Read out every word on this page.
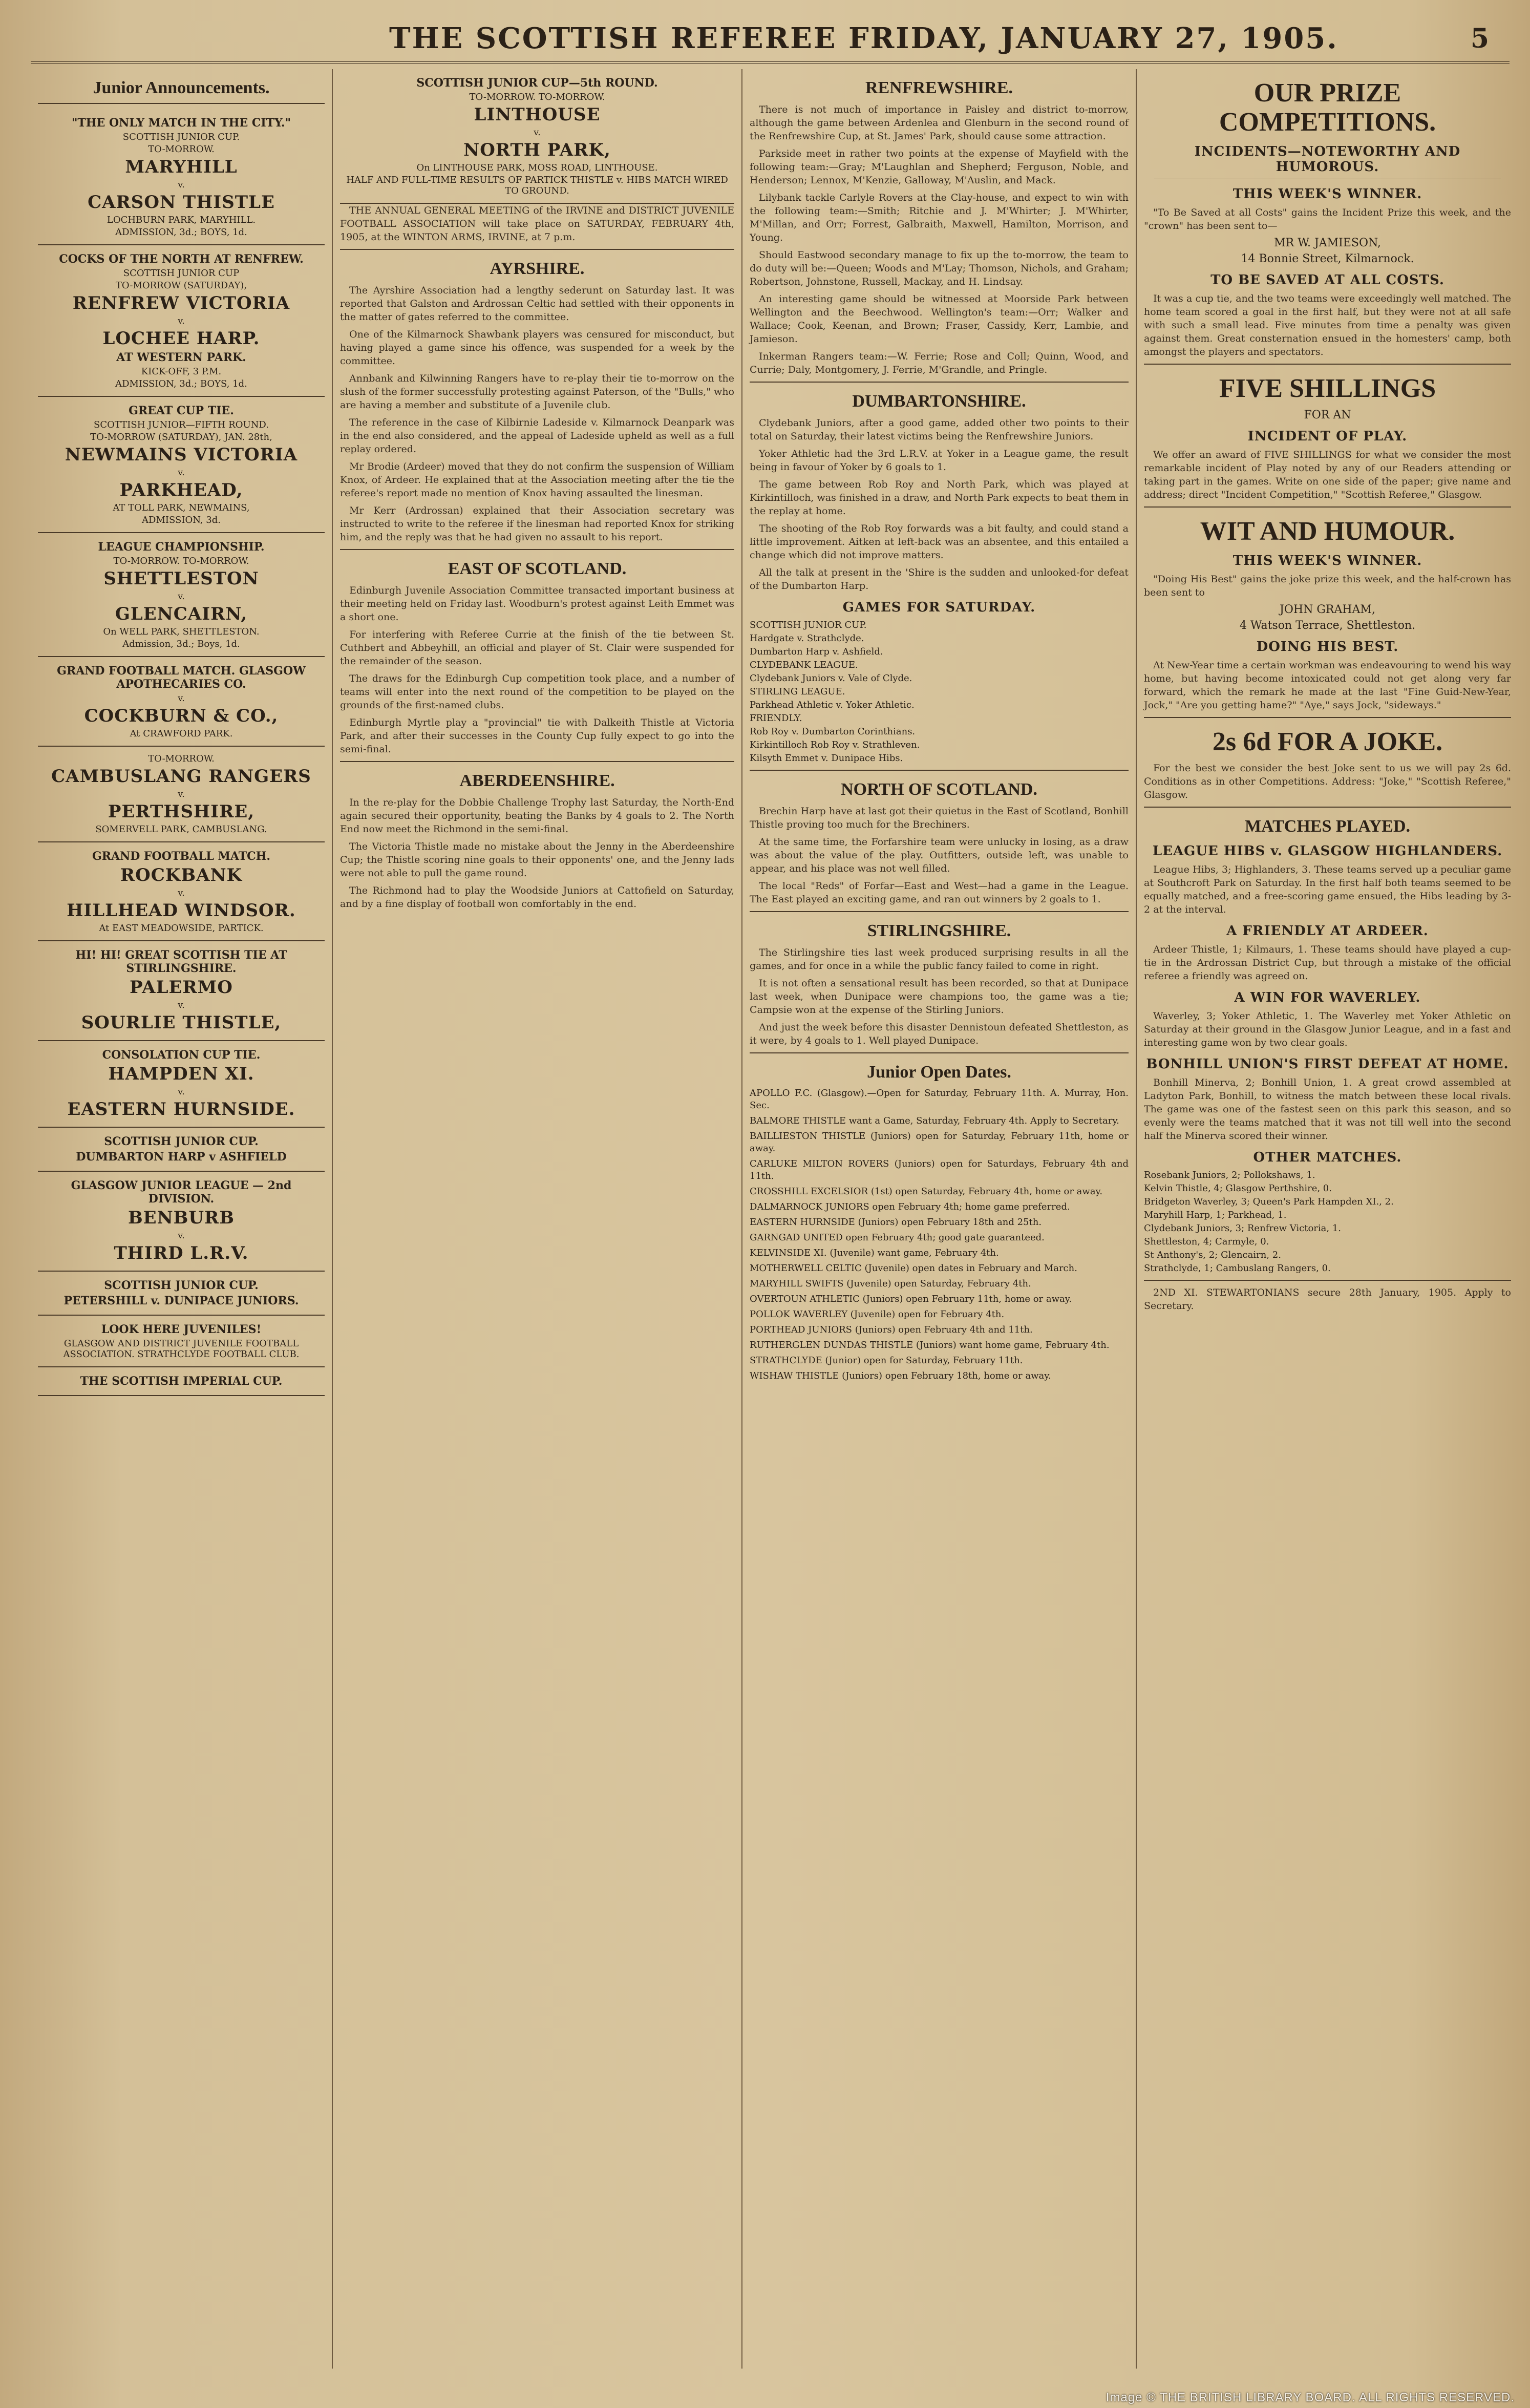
THE SCOTTISH REFEREE FRIDAY, JANUARY 27, 1905.	5
Junior Announcements.
"THE ONLY MATCH IN THE CITY."
SCOTTISH JUNIOR CUP.
TO-MORROW.
MARYHILL
v.
CARSON THISTLE
LOCHBURN PARK, MARYHILL.
ADMISSION, 3d.; BOYS, 1d.
COCKS OF THE NORTH AT RENFREW.
SCOTTISH JUNIOR CUP
TO-MORROW (SATURDAY),
RENFREW VICTORIA
v.
LOCHEE HARP.
AT WESTERN PARK.
KICK-OFF, 3 P.M.
ADMISSION, 3d.; BOYS, 1d.
GREAT CUP TIE.
SCOTTISH JUNIOR—FIFTH ROUND.
TO-MORROW (SATURDAY), JAN. 28th,
NEWMAINS VICTORIA
v.
PARKHEAD,
AT TOLL PARK, NEWMAINS,
ADMISSION, 3d.
LEAGUE CHAMPIONSHIP.
TO-MORROW. TO-MORROW.
SHETTLESTON
v.
GLENCAIRN,
On WELL PARK, SHETTLESTON.
Admission, 3d.; Boys, 1d.
GRAND FOOTBALL MATCH. GLASGOW APOTHECARIES CO.
v.
COCKBURN & CO.,
At CRAWFORD PARK.
TO-MORROW.
CAMBUSLANG RANGERS
v.
PERTHSHIRE,
SOMERVELL PARK, CAMBUSLANG.
GRAND FOOTBALL MATCH.
ROCKBANK
v.
HILLHEAD WINDSOR.
At EAST MEADOWSIDE, PARTICK.
HI! HI! GREAT SCOTTISH TIE AT STIRLINGSHIRE.
PALERMO
v.
SOURLIE THISTLE,
CONSOLATION CUP TIE.
HAMPDEN XI.
v.
EASTERN HURNSIDE.
SCOTTISH JUNIOR CUP.
DUMBARTON HARP v ASHFIELD
GLASGOW JUNIOR LEAGUE — 2nd DIVISION.
BENBURB
v.
THIRD L.R.V.
SCOTTISH JUNIOR CUP.
PETERSHILL v. DUNIPACE JUNIORS.
LOOK HERE JUVENILES!
GLASGOW AND DISTRICT JUVENILE FOOTBALL ASSOCIATION. STRATHCLYDE FOOTBALL CLUB.
THE SCOTTISH IMPERIAL CUP.
SCOTTISH JUNIOR CUP—5th ROUND.
TO-MORROW. TO-MORROW.
LINTHOUSE
v.
NORTH PARK,
On LINTHOUSE PARK, MOSS ROAD, LINTHOUSE.
HALF AND FULL-TIME RESULTS OF PARTICK THISTLE v. HIBS MATCH WIRED TO GROUND.

THE ANNUAL GENERAL MEETING of the IRVINE and DISTRICT JUVENILE FOOTBALL ASSOCIATION will take place on SATURDAY, FEBRUARY 4th, 1905, at the WINTON ARMS, IRVINE, at 7 p.m.

AYRSHIRE.

The Ayrshire Association had a lengthy sederunt on Saturday last. It was reported that Galston and Ardrossan Celtic had settled with their opponents in the matter of gates referred to the committee.

One of the Kilmarnock Shawbank players was censured for misconduct, but having played a game since his offence, was suspended for a week by the committee.

Annbank and Kilwinning Rangers have to re-play their tie to-morrow on the slush of the former successfully protesting against Paterson, of the "Bulls," who are having a member and substitute of a Juvenile club.

The reference in the case of Kilbirnie Ladeside v. Kilmarnock Deanpark was in the end also considered, and the appeal of Ladeside upheld as well as a full replay ordered.

Mr Brodie (Ardeer) moved that they do not confirm the suspension of William Knox, of Ardeer. He explained that at the Association meeting after the tie the referee's report made no mention of Knox having assaulted the linesman.

Mr Kerr (Ardrossan) explained that their Association secretary was instructed to write to the referee if the linesman had reported Knox for striking him, and the reply was that he had given no assault to his report.

EAST OF SCOTLAND.

Edinburgh Juvenile Association Committee transacted important business at their meeting held on Friday last. Woodburn's protest against Leith Emmet was a short one.

For interfering with Referee Currie at the finish of the tie between St. Cuthbert and Abbeyhill, an official and player of St. Clair were suspended for the remainder of the season.

The draws for the Edinburgh Cup competition took place, and a number of teams will enter into the next round of the competition to be played on the grounds of the first-named clubs.

Edinburgh Myrtle play a "provincial" tie with Dalkeith Thistle at Victoria Park, and after their successes in the County Cup fully expect to go into the semi-final.

ABERDEENSHIRE.

In the re-play for the Dobbie Challenge Trophy last Saturday, the North-End again secured their opportunity, beating the Banks by 4 goals to 2. The North End now meet the Richmond in the semi-final.

The Victoria Thistle made no mistake about the Jenny in the Aberdeenshire Cup; the Thistle scoring nine goals to their opponents' one, and the Jenny lads were not able to pull the game round.

The Richmond had to play the Woodside Juniors at Cattofield on Saturday, and by a fine display of football won comfortably in the end.

RENFREWSHIRE.

There is not much of importance in Paisley and district to-morrow, although the game between Ardenlea and Glenburn in the second round of the Renfrewshire Cup, at St. James' Park, should cause some attraction.

Parkside meet in rather two points at the expense of Mayfield with the following team:—Gray; M'Laughlan and Shepherd; Ferguson, Noble, and Henderson; Lennox, M'Kenzie, Galloway, M'Auslin, and Mack.

Lilybank tackle Carlyle Rovers at the Clay-house, and expect to win with the following team:—Smith; Ritchie and J. M'Whirter; J. M'Whirter, M'Millan, and Orr; Forrest, Galbraith, Maxwell, Hamilton, Morrison, and Young.

Should Eastwood secondary manage to fix up the to-morrow, the team to do duty will be:—Queen; Woods and M'Lay; Thomson, Nichols, and Graham; Robertson, Johnstone, Russell, Mackay, and H. Lindsay.

An interesting game should be witnessed at Moorside Park between Wellington and the Beechwood. Wellington's team:—Orr; Walker and Wallace; Cook, Keenan, and Brown; Fraser, Cassidy, Kerr, Lambie, and Jamieson.

Inkerman Rangers team:—W. Ferrie; Rose and Coll; Quinn, Wood, and Currie; Daly, Montgomery, J. Ferrie, M'Grandle, and Pringle.

DUMBARTONSHIRE.

Clydebank Juniors, after a good game, added other two points to their total on Saturday, their latest victims being the Renfrewshire Juniors.

Yoker Athletic had the 3rd L.R.V. at Yoker in a League game, the result being in favour of Yoker by 6 goals to 1.

The game between Rob Roy and North Park, which was played at Kirkintilloch, was finished in a draw, and North Park expects to beat them in the replay at home.

The shooting of the Rob Roy forwards was a bit faulty, and could stand a little improvement. Aitken at left-back was an absentee, and this entailed a change which did not improve matters.

All the talk at present in the 'Shire is the sudden and unlooked-for defeat of the Dumbarton Harp.

GAMES FOR SATURDAY.
SCOTTISH JUNIOR CUP.
Hardgate v. Strathclyde.
Dumbarton Harp v. Ashfield.
CLYDEBANK LEAGUE.
Clydebank Juniors v. Vale of Clyde.
STIRLING LEAGUE.
Parkhead Athletic v. Yoker Athletic.
FRIENDLY.
Rob Roy v. Dumbarton Corinthians.
Kirkintilloch Rob Roy v. Strathleven.
Kilsyth Emmet v. Dunipace Hibs.
NORTH OF SCOTLAND.

Brechin Harp have at last got their quietus in the East of Scotland, Bonhill Thistle proving too much for the Brechiners.

At the same time, the Forfarshire team were unlucky in losing, as a draw was about the value of the play. Outfitters, outside left, was unable to appear, and his place was not well filled.

The local "Reds" of Forfar—East and West—had a game in the League. The East played an exciting game, and ran out winners by 2 goals to 1.

STIRLINGSHIRE.

The Stirlingshire ties last week produced surprising results in all the games, and for once in a while the public fancy failed to come in right.

It is not often a sensational result has been recorded, so that at Dunipace last week, when Dunipace were champions too, the game was a tie; Campsie won at the expense of the Stirling Juniors.

And just the week before this disaster Dennistoun defeated Shettleston, as it were, by 4 goals to 1. Well played Dunipace.

Junior Open Dates.
APOLLO F.C. (Glasgow).—Open for Saturday, February 11th. A. Murray, Hon. Sec.
BALMORE THISTLE want a Game, Saturday, February 4th. Apply to Secretary.
BAILLIESTON THISTLE (Juniors) open for Saturday, February 11th, home or away.
CARLUKE MILTON ROVERS (Juniors) open for Saturdays, February 4th and 11th.
CROSSHILL EXCELSIOR (1st) open Saturday, February 4th, home or away.
DALMARNOCK JUNIORS open February 4th; home game preferred.
EASTERN HURNSIDE (Juniors) open February 18th and 25th.
GARNGAD UNITED open February 4th; good gate guaranteed.
KELVINSIDE XI. (Juvenile) want game, February 4th.
MOTHERWELL CELTIC (Juvenile) open dates in February and March.
MARYHILL SWIFTS (Juvenile) open Saturday, February 4th.
OVERTOUN ATHLETIC (Juniors) open February 11th, home or away.
POLLOK WAVERLEY (Juvenile) open for February 4th.
PORTHEAD JUNIORS (Juniors) open February 4th and 11th.
RUTHERGLEN DUNDAS THISTLE (Juniors) want home game, February 4th.
STRATHCLYDE (Junior) open for Saturday, February 11th.
WISHAW THISTLE (Juniors) open February 18th, home or away.
OUR PRIZE COMPETITIONS.
INCIDENTS—NOTEWORTHY AND HUMOROUS.
THIS WEEK'S WINNER.

"To Be Saved at all Costs" gains the Incident Prize this week, and the "crown" has been sent to—

MR W. JAMIESON,
14 Bonnie Street, Kilmarnock.
TO BE SAVED AT ALL COSTS.

It was a cup tie, and the two teams were exceedingly well matched. The home team scored a goal in the first half, but they were not at all safe with such a small lead. Five minutes from time a penalty was given against them. Great consternation ensued in the homesters' camp, both amongst the players and spectators.

FIVE SHILLINGS
FOR AN
INCIDENT OF PLAY.

We offer an award of FIVE SHILLINGS for what we consider the most remarkable incident of Play noted by any of our Readers attending or taking part in the games. Write on one side of the paper; give name and address; direct "Incident Competition," "Scottish Referee," Glasgow.

WIT AND HUMOUR.
THIS WEEK'S WINNER.

"Doing His Best" gains the joke prize this week, and the half-crown has been sent to

JOHN GRAHAM,
4 Watson Terrace, Shettleston.
DOING HIS BEST.

At New-Year time a certain workman was endeavouring to wend his way home, but having become intoxicated could not get along very far forward, which the remark he made at the last "Fine Guid-New-Year, Jock," "Are you getting hame?" "Aye," says Jock, "sideways."

2s 6d FOR A JOKE.

For the best we consider the best Joke sent to us we will pay 2s 6d. Conditions as in other Competitions. Address: "Joke," "Scottish Referee," Glasgow.

MATCHES PLAYED.
LEAGUE HIBS v. GLASGOW HIGHLANDERS.

League Hibs, 3; Highlanders, 3. These teams served up a peculiar game at Southcroft Park on Saturday. In the first half both teams seemed to be equally matched, and a free-scoring game ensued, the Hibs leading by 3-2 at the interval.

A FRIENDLY AT ARDEER.

Ardeer Thistle, 1; Kilmaurs, 1. These teams should have played a cup-tie in the Ardrossan District Cup, but through a mistake of the official referee a friendly was agreed on.

A WIN FOR WAVERLEY.

Waverley, 3; Yoker Athletic, 1. The Waverley met Yoker Athletic on Saturday at their ground in the Glasgow Junior League, and in a fast and interesting game won by two clear goals.

BONHILL UNION'S FIRST DEFEAT AT HOME.

Bonhill Minerva, 2; Bonhill Union, 1. A great crowd assembled at Ladyton Park, Bonhill, to witness the match between these local rivals. The game was one of the fastest seen on this park this season, and so evenly were the teams matched that it was not till well into the second half the Minerva scored their winner.

OTHER MATCHES.
Rosebank Juniors, 2; Pollokshaws, 1.
Kelvin Thistle, 4; Glasgow Perthshire, 0.
Bridgeton Waverley, 3; Queen's Park Hampden XI., 2.
Maryhill Harp, 1; Parkhead, 1.
Clydebank Juniors, 3; Renfrew Victoria, 1.
Shettleston, 4; Carmyle, 0.
St Anthony's, 2; Glencairn, 2.
Strathclyde, 1; Cambuslang Rangers, 0.

2ND XI. STEWARTONIANS secure 28th January, 1905. Apply to Secretary.

Image © THE BRITISH LIBRARY BOARD. ALL RIGHTS RESERVED.
